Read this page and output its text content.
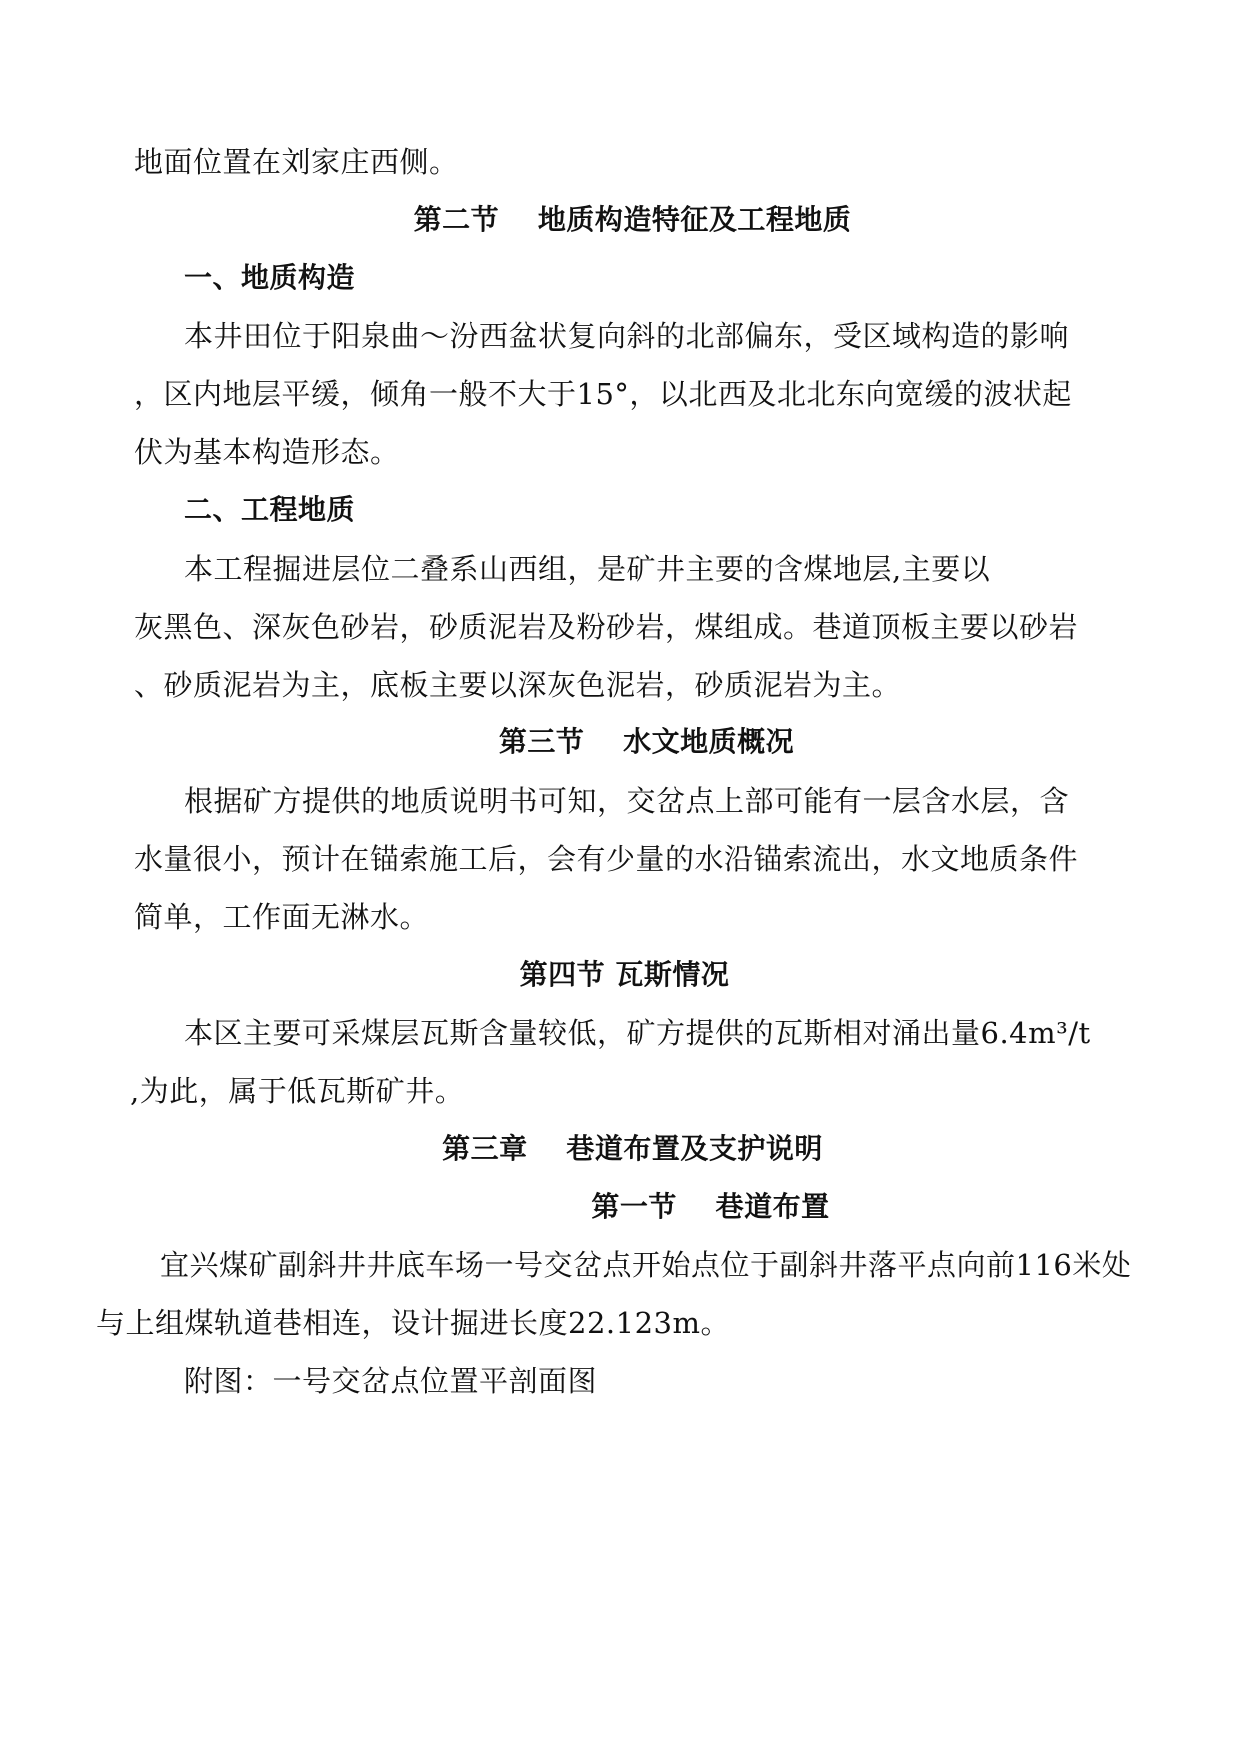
地面位置在刘家庄西侧。
第二节　 地质构造特征及工程地质
一、地质构造
本井田位于阳泉曲～汾西盆状复向斜的北部偏东，受区域构造的影响
，区内地层平缓，倾角一般不大于15°，以北西及北北东向宽缓的波状起
伏为基本构造形态。
二、工程地质
本工程掘进层位二叠系山西组，是矿井主要的含煤地层,主要以
灰黑色、深灰色砂岩，砂质泥岩及粉砂岩，煤组成。巷道顶板主要以砂岩
、砂质泥岩为主，底板主要以深灰色泥岩，砂质泥岩为主。
第三节　 水文地质概况
根据矿方提供的地质说明书可知，交岔点上部可能有一层含水层，含
水量很小，预计在锚索施工后，会有少量的水沿锚索流出，水文地质条件
简单，工作面无淋水。
第四节 瓦斯情况
本区主要可采煤层瓦斯含量较低，矿方提供的瓦斯相对涌出量6.4m³/t
,为此，属于低瓦斯矿井。
第三章　 巷道布置及支护说明
第一节　 巷道布置
宜兴煤矿副斜井井底车场一号交岔点开始点位于副斜井落平点向前116米处
与上组煤轨道巷相连，设计掘进长度22.123m。
附图：一号交岔点位置平剖面图
